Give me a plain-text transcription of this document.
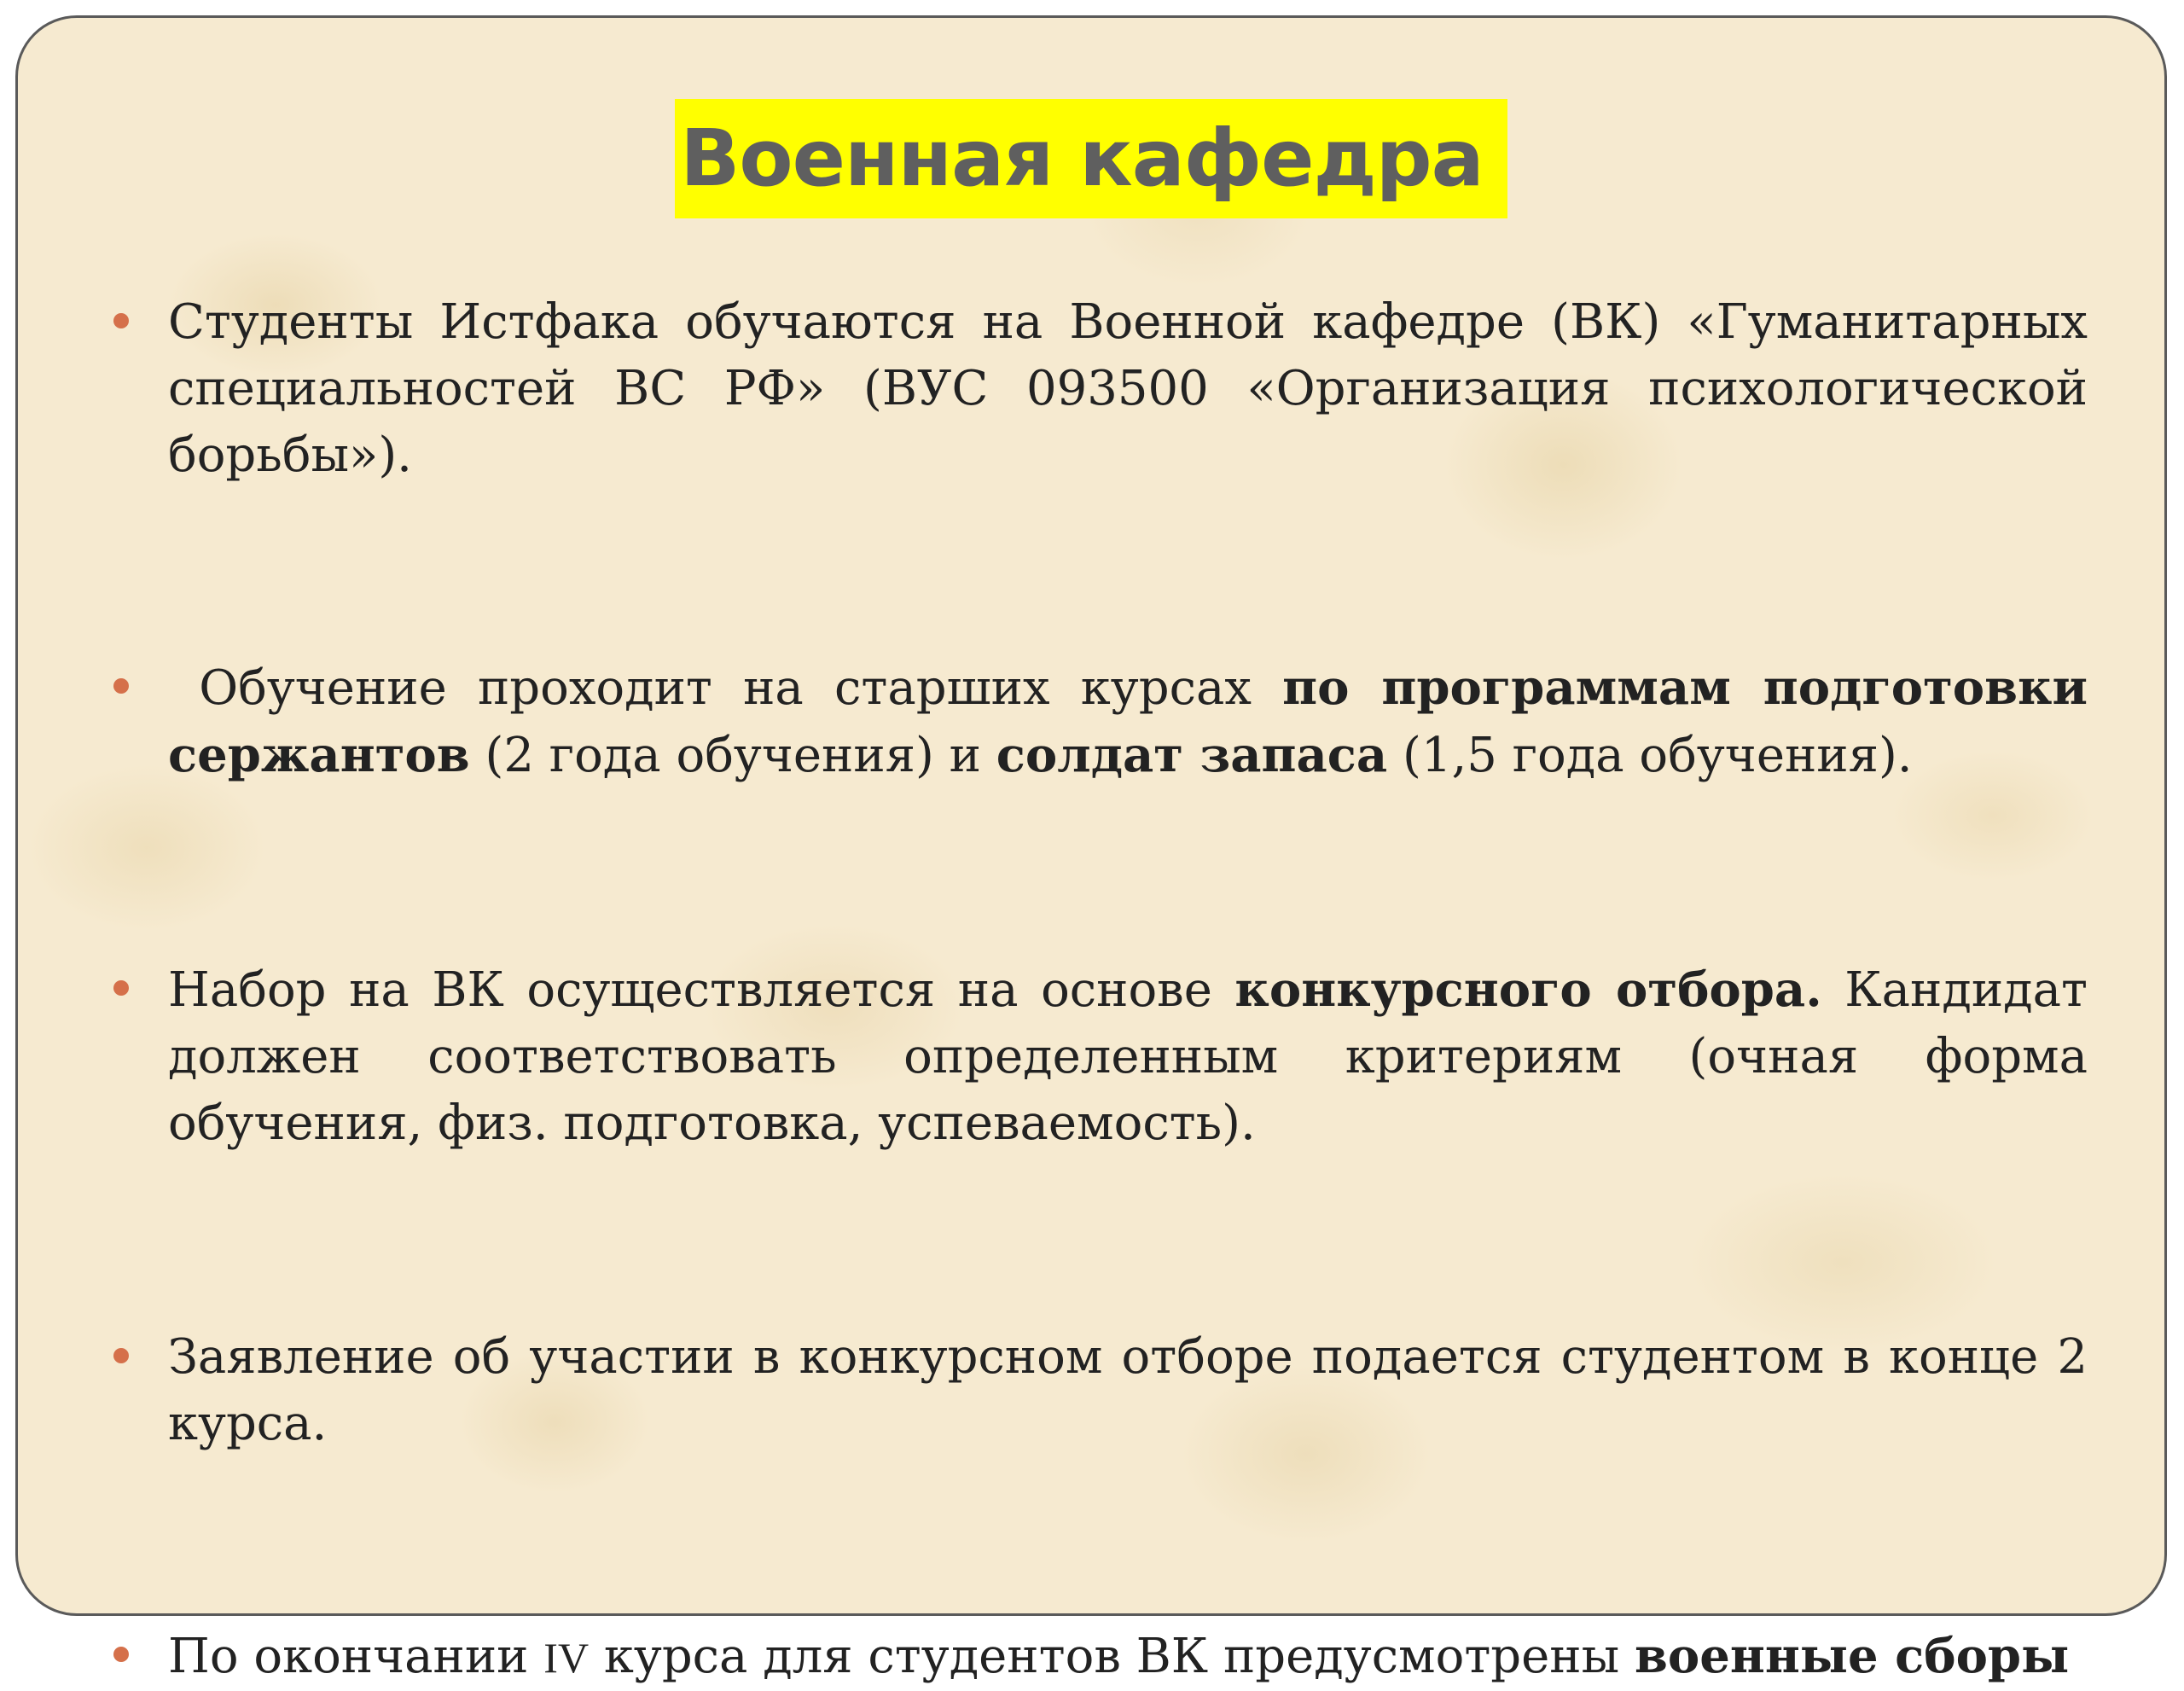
Военная кафедра

Студенты Истфака обучаются на Военной кафедре (ВК) «Гуманитарных специальностей ВС РФ» (ВУС 093500 «Организация психологической борьбы»).

Обучение проходит на старших курсах по программам подготовки сержантов (2 года обучения) и солдат запаса (1,5 года обучения).

Набор на ВК осуществляется на основе конкурсного отбора. Кандидат должен соответствовать определенным критериям (очная форма обучения, физ. подготовка, успеваемость).

Заявление об участии в конкурсном отборе подается студентом в конце 2 курса.

По окончании IV курса для студентов ВК предусмотрены военные сборы
